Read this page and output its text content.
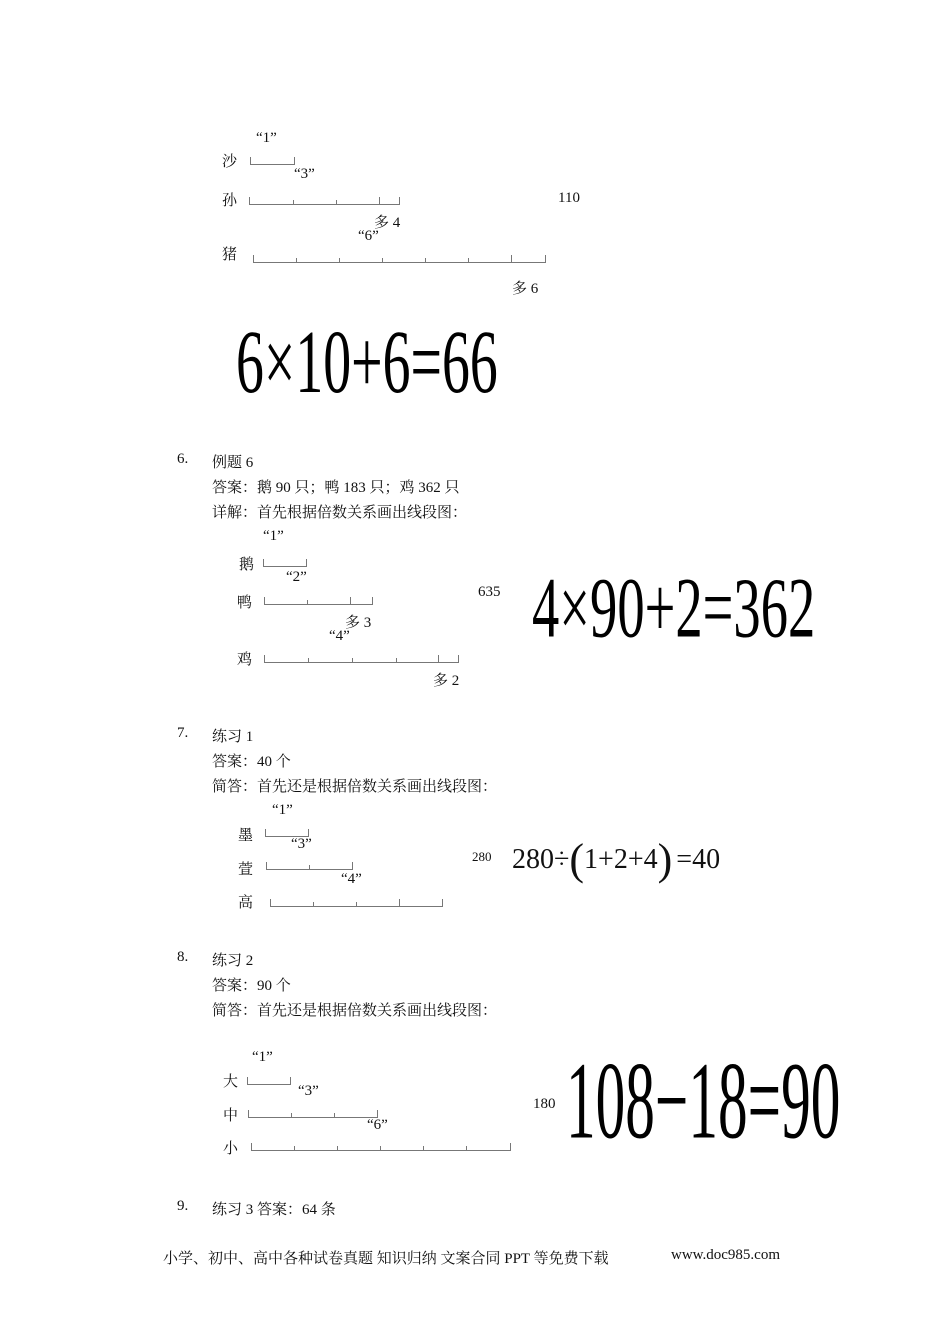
“1”
沙
“3”
孙	110
多 4
“6”
猪
多 6
6×10+6=66
6. 例题 6
答案：鹅 90 只；鸭 183 只；鸡 362 只
详解：首先根据倍数关系画出线段图：
“1”
鹅
“2”
鸭
635
多 3
“4”
鸡
多 2
4×90+2=362
7. 练习 1
答案：40 个
简答：首先还是根据倍数关系画出线段图：
“1”
墨	“3”
萱
280
“4”
高
280÷(1+2+4) =40
8. 练习 2
答案：90 个
简答：首先还是根据倍数关系画出线段图：
“1”
大
“3”
中
180
“6”
小	108−18=90
9. 练习 3 答案：64 条
小学、初中、高中各种试卷真题 知识归纳 文案合同 PPT 等免费下载	www.doc985.com
